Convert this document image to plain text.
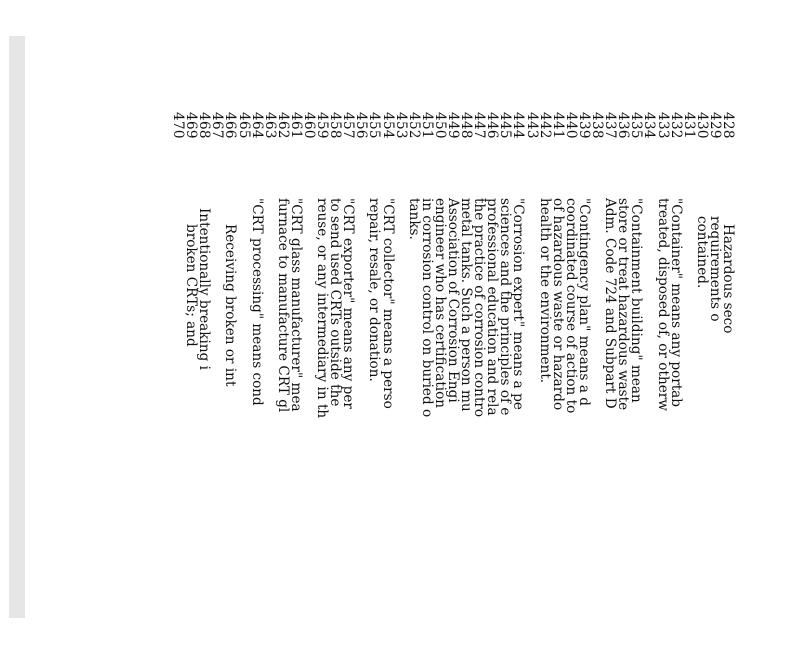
428
429
430
431
432
433
434
435
436
437
438
439
440
441
442
443
444
445
446
447
448
449
450
451
452
453
454
455
456
457
458
459
460
461
462
463
464
465
466
467
468
469
470
Hazardous seco
requirements o
contained.
"Container" means any portab
treated, disposed of, or otherw
"Containment building" mean
store or treat hazardous waste
Adm. Code 724 and Subpart D
"Contingency plan" means a d
coordinated course of action to
of hazardous waste or hazardo
health or the environment.
"Corrosion expert" means a pe
sciences and the principles of e
professional education and rela
the practice of corrosion contro
metal tanks. Such a person mu
Association of Corrosion Engi
engineer who has certification
in corrosion control on buried o
tanks.
"CRT collector" means a perso
repair, resale, or donation.
"CRT exporter" means any per
to send used CRTs outside the
reuse, or any intermediary in th
"CRT glass manufacturer" mea
furnace to manufacture CRT gl
"CRT processing" means cond
Receiving broken or int
Intentionally breaking i
broken CRTs; and
